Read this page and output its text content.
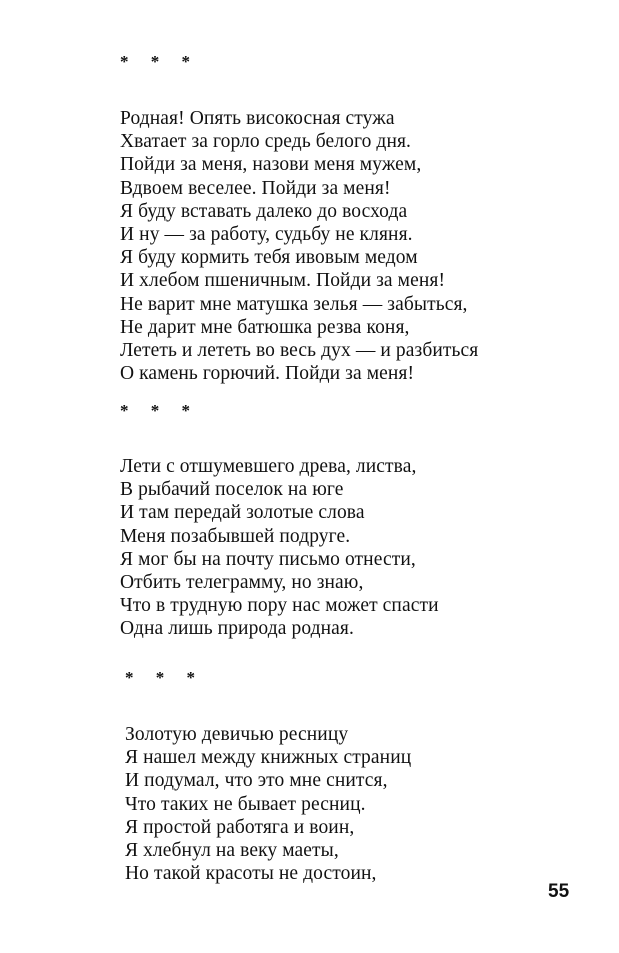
* * *
Родная! Опять високосная стужа
Хватает за горло средь белого дня.
Пойди за меня, назови меня мужем,
Вдвоем веселее. Пойди за меня!
Я буду вставать далеко до восхода
И ну — за работу, судьбу не кляня.
Я буду кормить тебя ивовым медом
И хлебом пшеничным. Пойди за меня!
Не варит мне матушка зелья — забыться,
Не дарит мне батюшка резва коня,
Лететь и лететь во весь дух — и разбиться
О камень горючий. Пойди за меня!
* * *
Лети с отшумевшего древа, листва,
В рыбачий поселок на юге
И там передай золотые слова
Меня позабывшей подруге.
Я мог бы на почту письмо отнести,
Отбить телеграмму, но знаю,
Что в трудную пору нас может спасти
Одна лишь природа родная.
* * *
Золотую девичью ресницу
Я нашел между книжных страниц
И подумал, что это мне снится,
Что таких не бывает ресниц.
Я простой работяга и воин,
Я хлебнул на веку маеты,
Но такой красоты не достоин,
55
